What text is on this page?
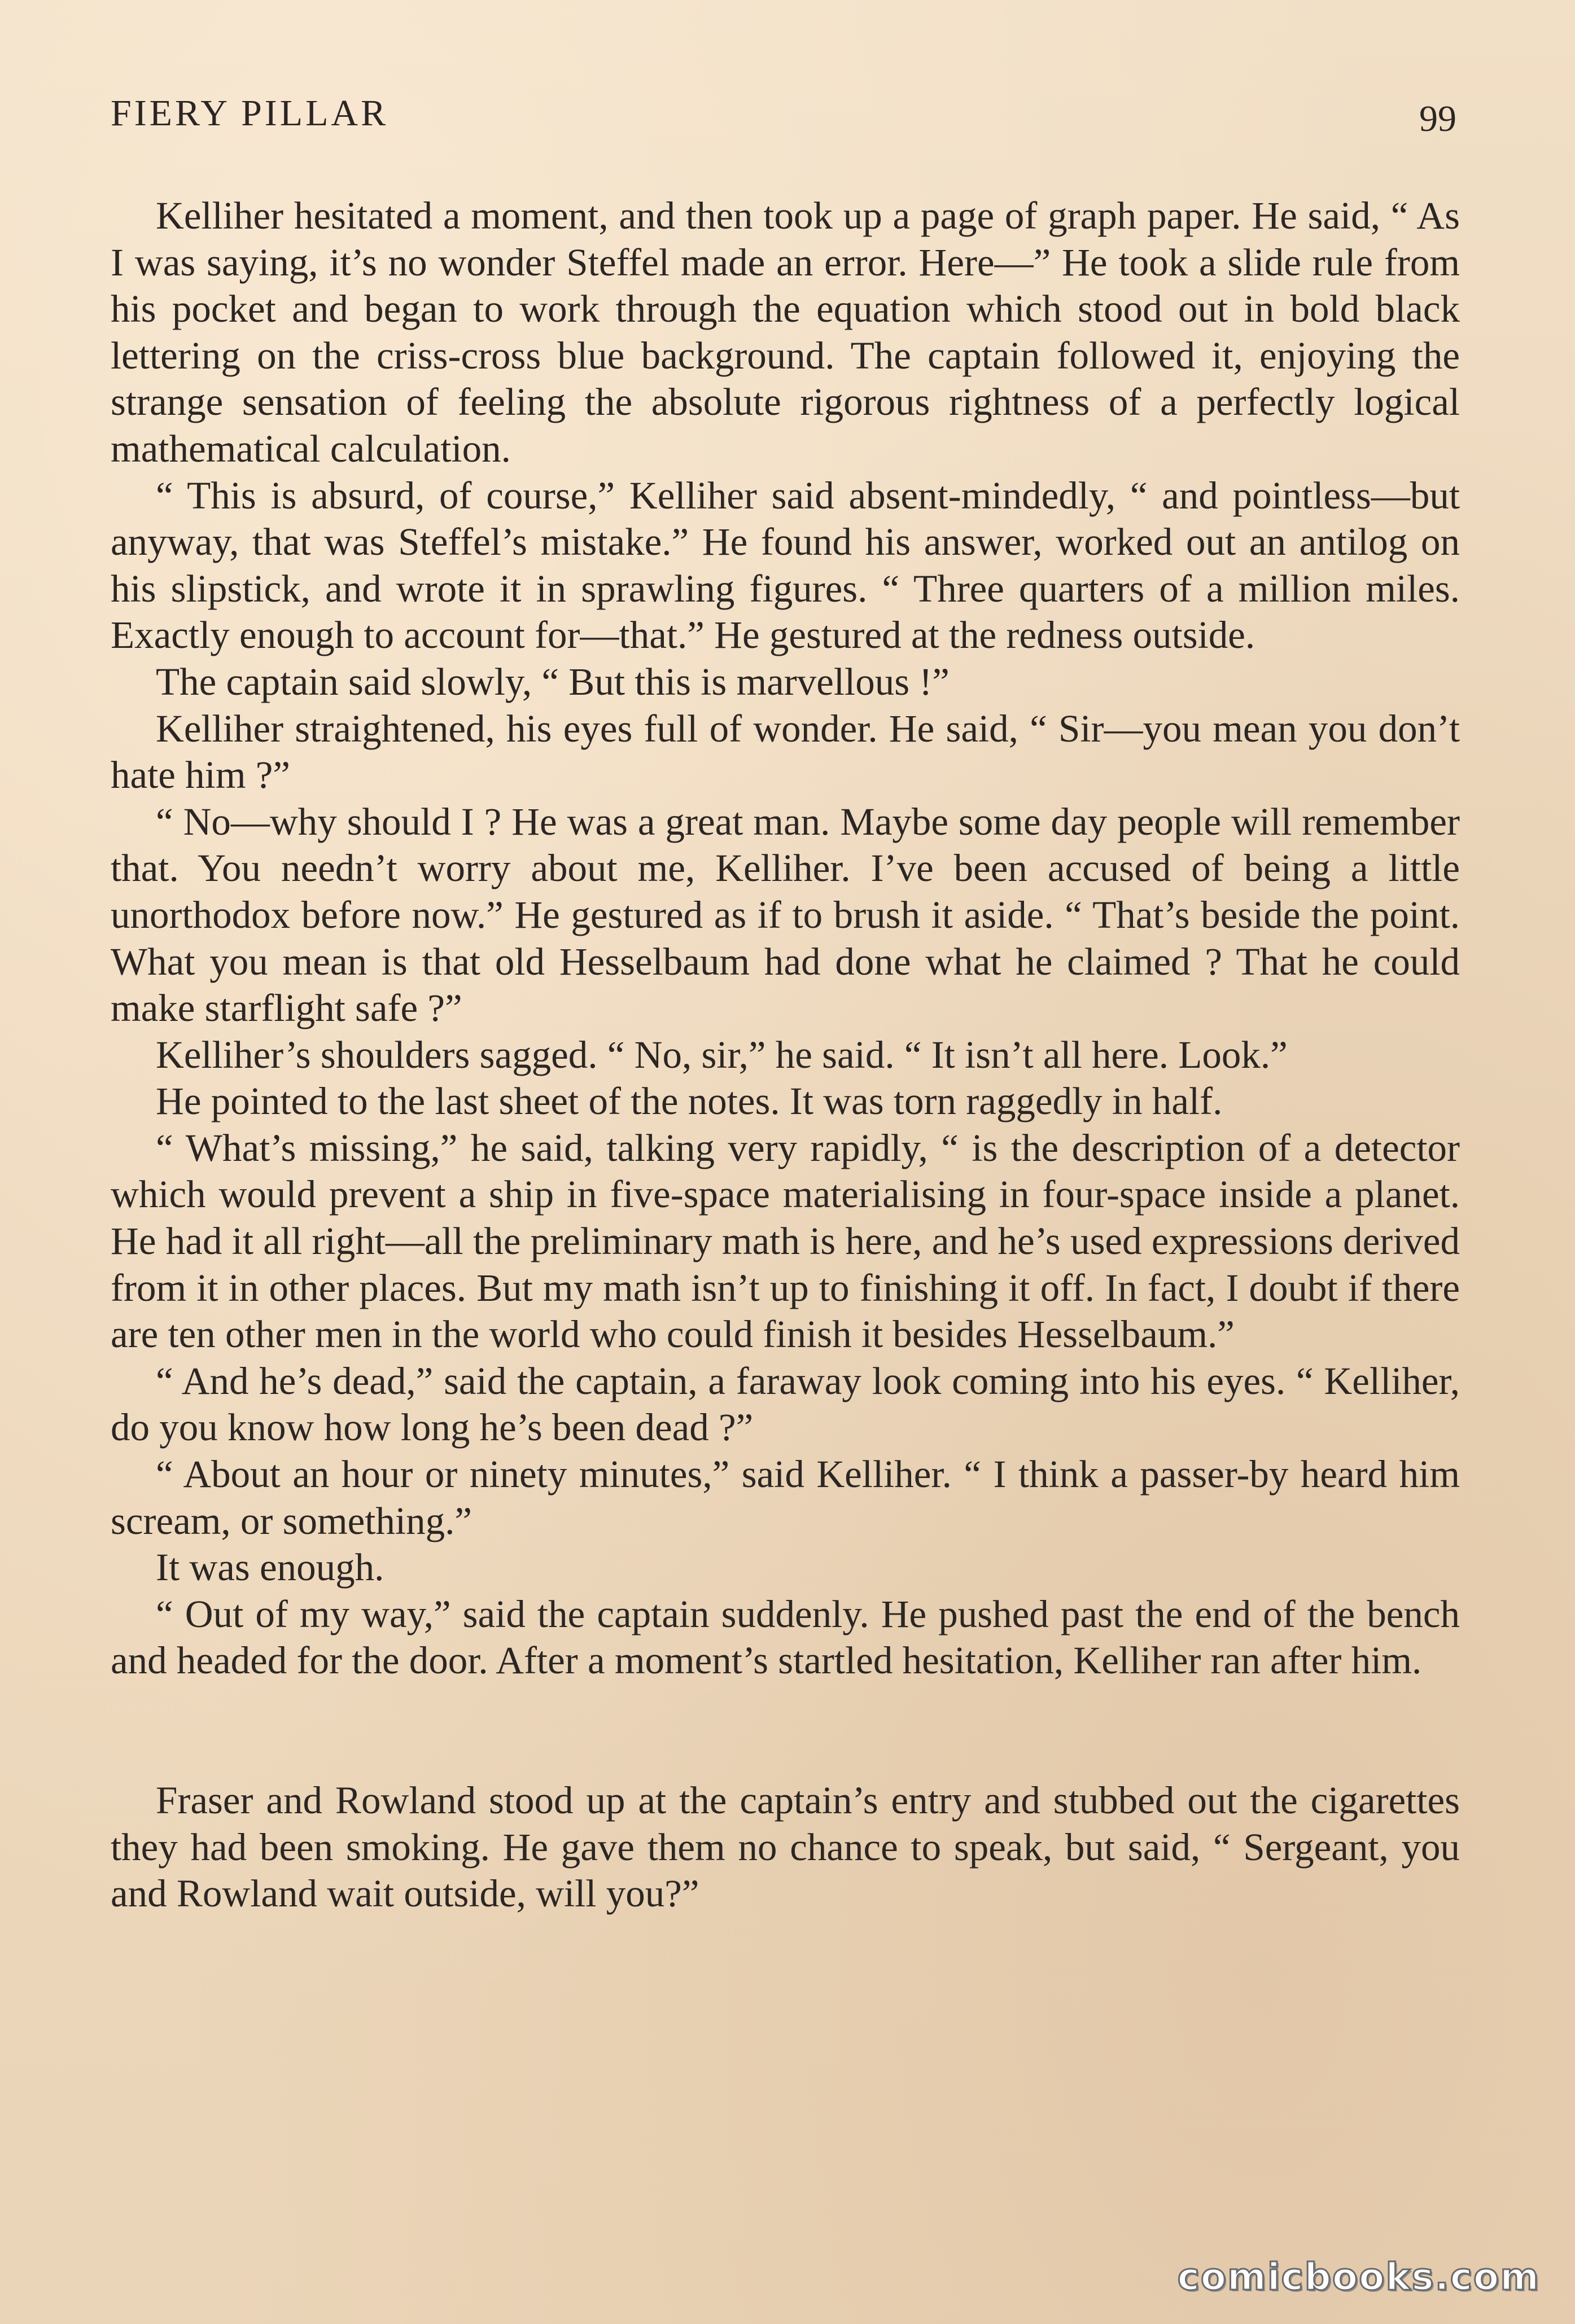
FIERY PILLAR	99

Kelliher hesitated a moment, and then took up a page of graph paper. He said, “ As I was saying, it’s no wonder Steffel made an error. Here—” He took a slide rule from his pocket and began to work through the equation which stood out in bold black lettering on the criss-cross blue background. The captain followed it, enjoying the strange sensation of feeling the absolute rigorous rightness of a perfectly logical mathematical calculation.

“ This is absurd, of course,” Kelliher said absent-mindedly, “ and pointless—but anyway, that was Steffel’s mistake.” He found his answer, worked out an antilog on his slipstick, and wrote it in sprawling figures. “ Three quarters of a million miles. Exactly enough to account for—that.” He gestured at the redness outside.

The captain said slowly, “ But this is marvellous !”

Kelliher straightened, his eyes full of wonder. He said, “ Sir—you mean you don’t hate him ?”

“ No—why should I ? He was a great man. Maybe some day people will remember that. You needn’t worry about me, Kelliher. I’ve been accused of being a little unorthodox before now.” He gestured as if to brush it aside. “ That’s beside the point. What you mean is that old Hesselbaum had done what he claimed ? That he could make starflight safe ?”

Kelliher’s shoulders sagged. “ No, sir,” he said. “ It isn’t all here. Look.”

He pointed to the last sheet of the notes. It was torn raggedly in half.

“ What’s missing,” he said, talking very rapidly, “ is the description of a detector which would prevent a ship in five-space materialising in four-space inside a planet. He had it all right—all the preliminary math is here, and he’s used expressions derived from it in other places. But my math isn’t up to finishing it off. In fact, I doubt if there are ten other men in the world who could finish it besides Hesselbaum.”

“ And he’s dead,” said the captain, a faraway look coming into his eyes. “ Kelliher, do you know how long he’s been dead ?”

“ About an hour or ninety minutes,” said Kelliher. “ I think a passer-by heard him scream, or something.”

It was enough.

“ Out of my way,” said the captain suddenly. He pushed past the end of the bench and headed for the door. After a moment’s startled hesitation, Kelliher ran after him.

Fraser and Rowland stood up at the captain’s entry and stubbed out the cigarettes they had been smoking. He gave them no chance to speak, but said, “ Sergeant, you and Rowland wait outside, will you?”

comicbooks.com
